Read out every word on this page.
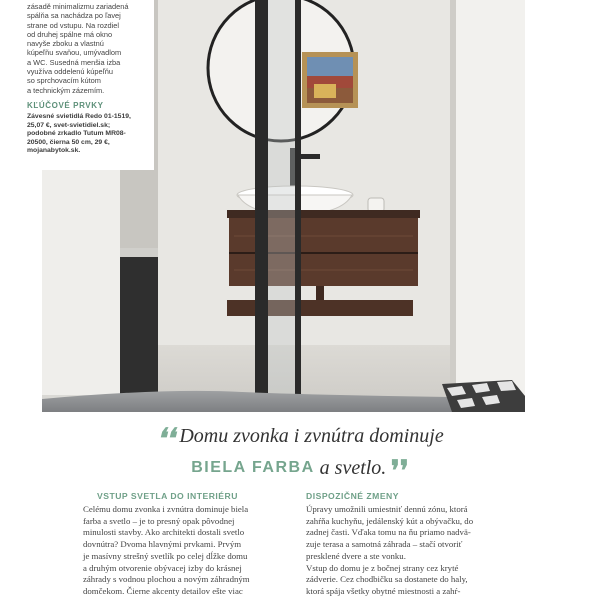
zásadě minimalizmu zariadená
spálňa sa nachádza po ľavej
strane od vstupu. Na rozdiel
od druhej spálne má okno
navyše zboku a vlastnú
kúpeľňu svaňou, umývadlom
a WC. Susedná menšia izba
využíva oddelenú kúpeľňu
so sprchovacím kútom
a technickým zázemím.
KĽÚČOVÉ PRVKY
Závesné svietidlá Redo 01-1519,
25,07 €, svet-svietidiel.sk;
podobné zrkadlo Tutum MR08-
20500, čierna 50 cm, 29 €,
mojanabytok.sk.
❛❛ Domu zvonka i zvnútra dominuje
BIELA FARBA a svetlo. ❜❜
VSTUP SVETLA DO INTERIÉRU
Celému domu zvonka i zvnútra dominuje biela
farba a svetlo – je to presný opak pôvodnej
minulosti stavby. Ako architekti dostali svetlo
dovnútra? Dvoma hlavnými prvkami. Prvým
je masívny strešný svetlík po celej dĺžke domu
a druhým otvorenie obývacej izby do krásnej
záhrady s vodnou plochou a novým záhradným
domčekom. Čierne akcenty detailov ešte viac
DISPOZIČNÉ ZMENY
Úpravy umožnili umiestniť dennú zónu, ktorá
zahŕňa kuchyňu, jedálenský kút a obývačku, do
zadnej časti. Vďaka tomu na ňu priamo nadvä-
zuje terasa a samotná záhrada – stačí otvoriť
presklené dvere a ste vonku.
Vstup do domu je z bočnej strany cez kryté
zádverie. Cez chodbičku sa dostanete do haly,
ktorá spája všetky obytné miestnosti a zahŕ-
